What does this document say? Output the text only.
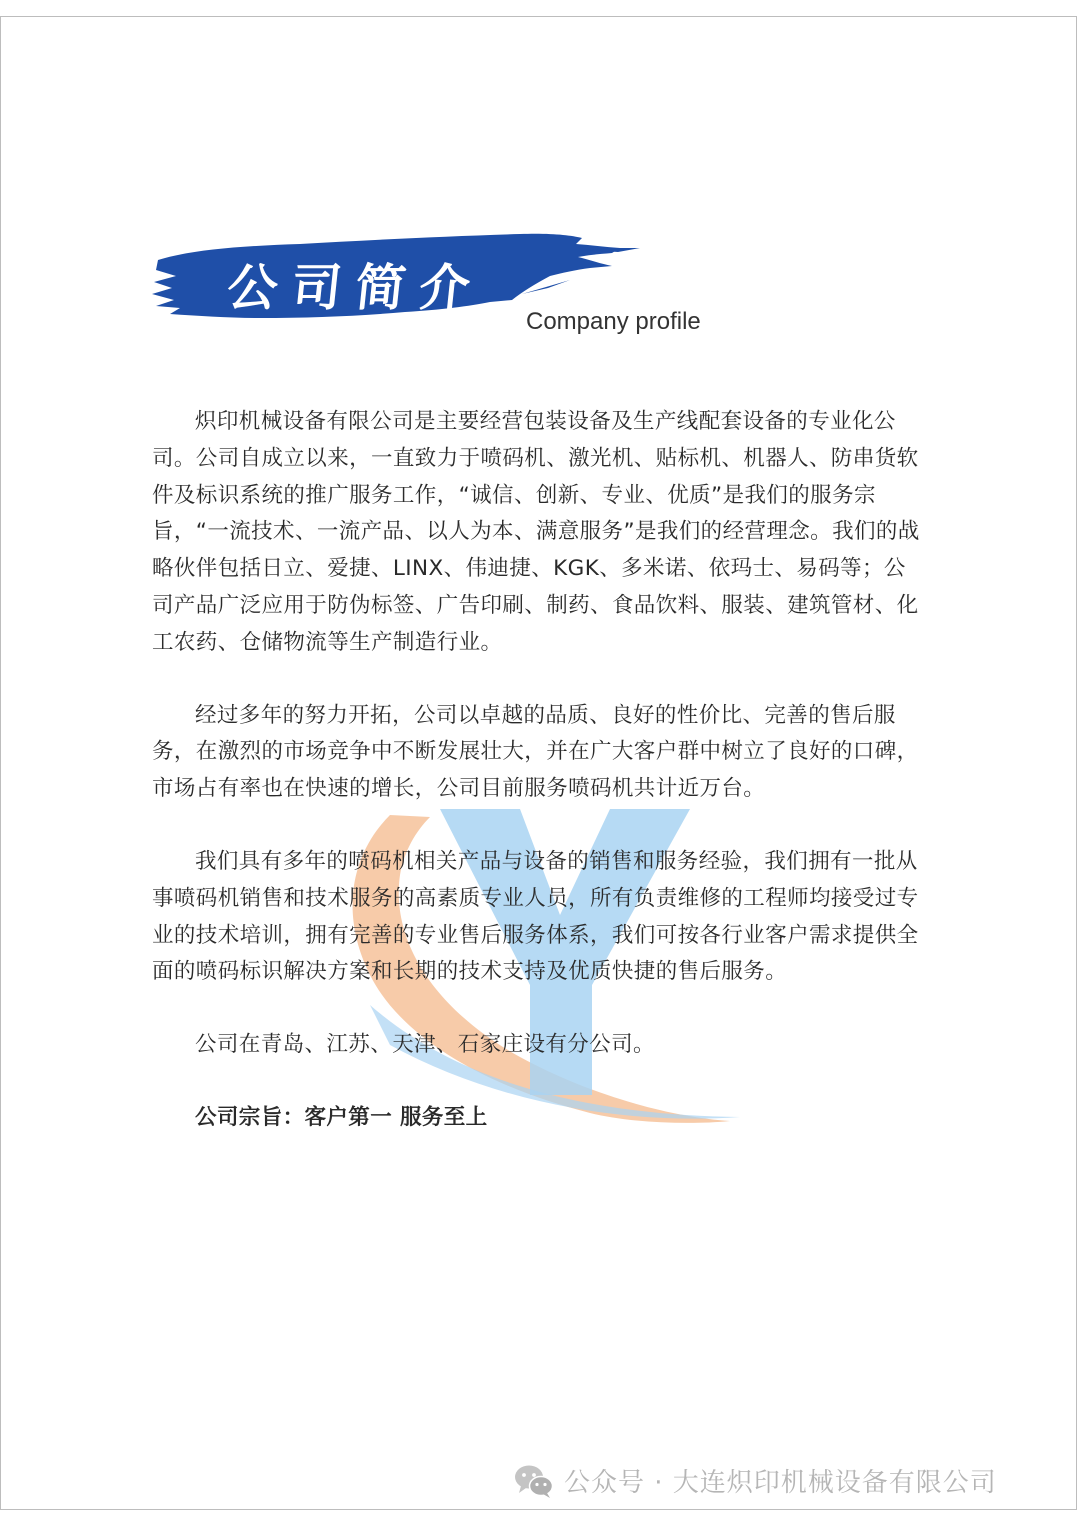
公司简介
Company profile

炽印机械设备有限公司是主要经营包装设备及生产线配套设备的专业化公司。公司自成立以来，一直致力于喷码机、激光机、贴标机、机器人、防串货软件及标识系统的推广服务工作，“诚信、创新、专业、优质”是我们的服务宗旨，“一流技术、一流产品、以人为本、满意服务”是我们的经营理念。我们的战略伙伴包括日立、爱捷、LINX、伟迪捷、KGK、多米诺、依玛士、易码等；公司产品广泛应用于防伪标签、广告印刷、制药、食品饮料、服装、建筑管材、化工农药、仓储物流等生产制造行业。

经过多年的努力开拓，公司以卓越的品质、良好的性价比、完善的售后服务，在激烈的市场竞争中不断发展壮大，并在广大客户群中树立了良好的口碑，市场占有率也在快速的增长，公司目前服务喷码机共计近万台。

我们具有多年的喷码机相关产品与设备的销售和服务经验，我们拥有一批从事喷码机销售和技术服务的高素质专业人员，所有负责维修的工程师均接受过专业的技术培训，拥有完善的专业售后服务体系，我们可按各行业客户需求提供全面的喷码标识解决方案和长期的技术支持及优质快捷的售后服务。

公司在青岛、江苏、天津、石家庄设有分公司。

公司宗旨：客户第一 服务至上

公众号 · 大连炽印机械设备有限公司
